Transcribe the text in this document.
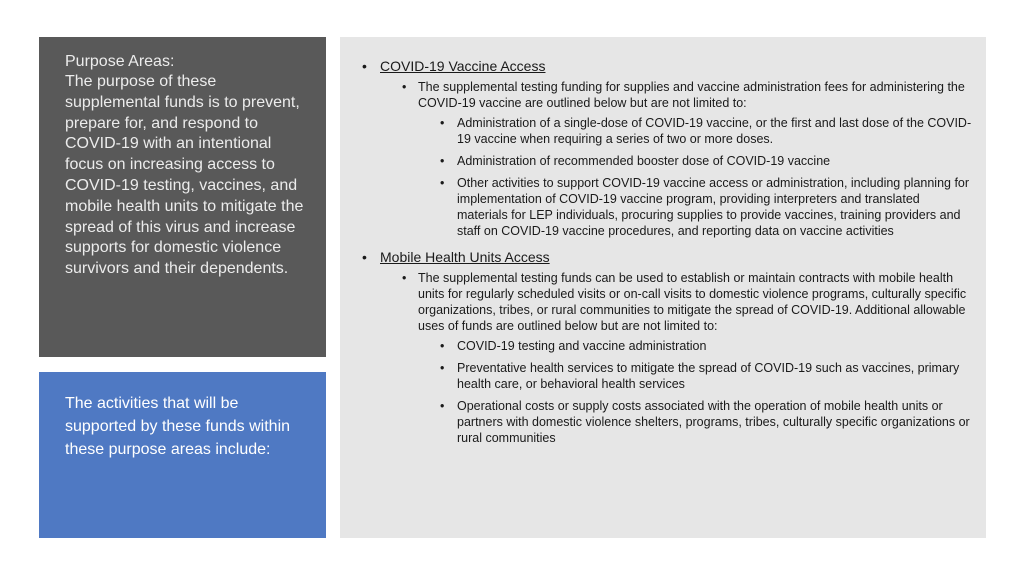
Purpose Areas:
The purpose of these supplemental funds is to prevent, prepare for, and respond to COVID-19 with an intentional focus on increasing access to COVID-19 testing, vaccines, and mobile health units to mitigate the spread of this virus and increase supports for domestic violence survivors and their dependents.
The activities that will be supported by these funds within these purpose areas include:
• COVID-19 Vaccine Access
• The supplemental testing funding for supplies and vaccine administration fees for administering the COVID-19 vaccine are outlined below but are not limited to:
• Administration of a single-dose of COVID-19 vaccine, or the first and last dose of the COVID-19 vaccine when requiring a series of two or more doses.
• Administration of recommended booster dose of COVID-19 vaccine
• Other activities to support COVID-19 vaccine access or administration, including planning for implementation of COVID-19 vaccine program, providing interpreters and translated materials for LEP individuals, procuring supplies to provide vaccines, training providers and staff on COVID-19 vaccine procedures, and reporting data on vaccine activities
• Mobile Health Units Access
• The supplemental testing funds can be used to establish or maintain contracts with mobile health units for regularly scheduled visits or on-call visits to domestic violence programs, culturally specific organizations, tribes, or rural communities to mitigate the spread of COVID-19. Additional allowable uses of funds are outlined below but are not limited to:
• COVID-19 testing and vaccine administration
• Preventative health services to mitigate the spread of COVID-19 such as vaccines, primary health care, or behavioral health services
• Operational costs or supply costs associated with the operation of mobile health units or partners with domestic violence shelters, programs, tribes, culturally specific organizations or rural communities
